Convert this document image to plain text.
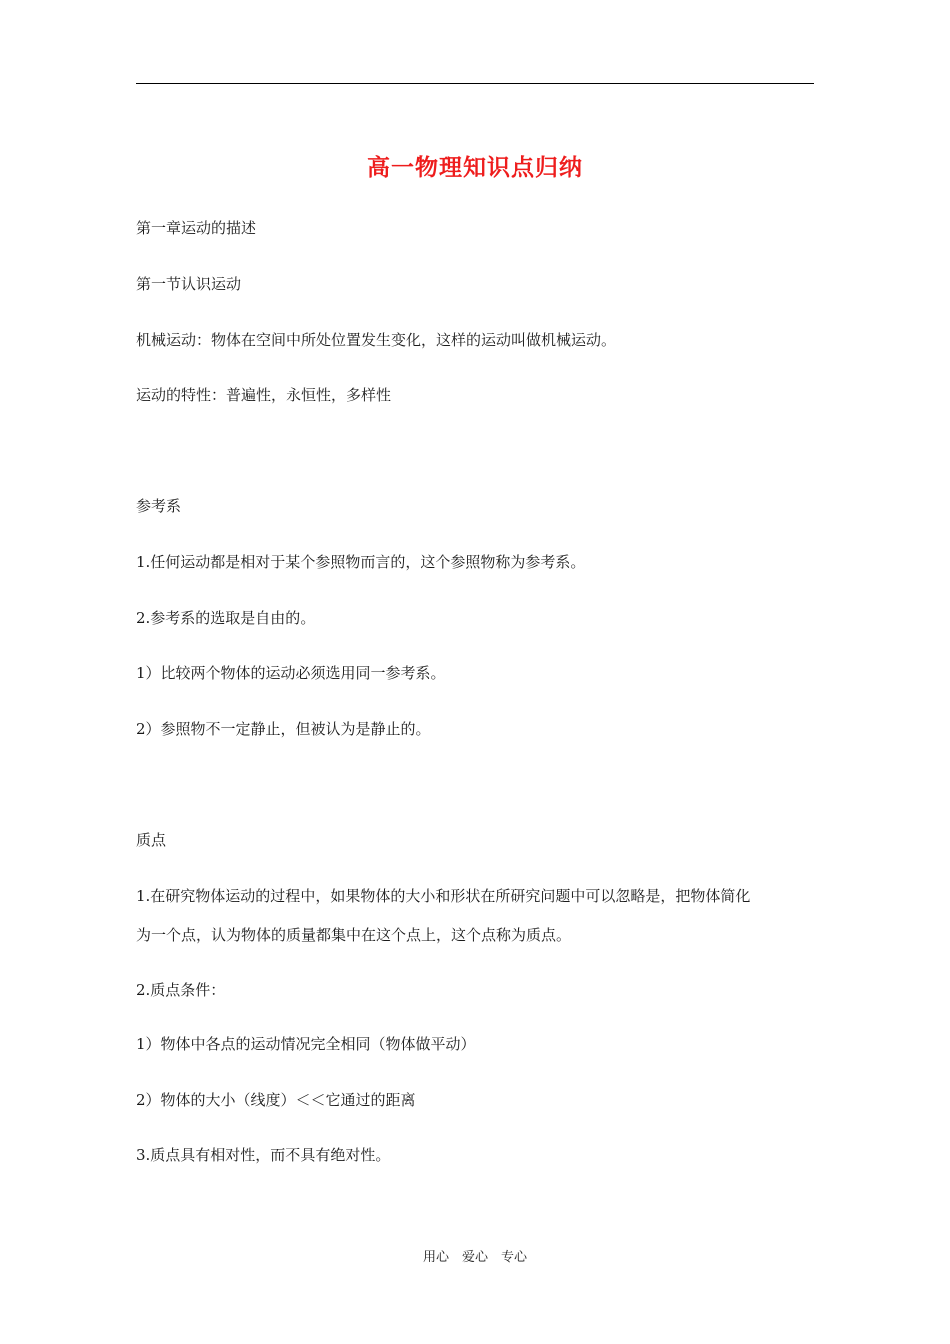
高一物理知识点归纳
第一章运动的描述
第一节认识运动
机械运动：物体在空间中所处位置发生变化，这样的运动叫做机械运动。
运动的特性：普遍性，永恒性，多样性
参考系
1.任何运动都是相对于某个参照物而言的，这个参照物称为参考系。
2.参考系的选取是自由的。
1）比较两个物体的运动必须选用同一参考系。
2）参照物不一定静止，但被认为是静止的。
质点
1.在研究物体运动的过程中，如果物体的大小和形状在所研究问题中可以忽略是，把物体简化
为一个点，认为物体的质量都集中在这个点上，这个点称为质点。
2.质点条件：
1）物体中各点的运动情况完全相同（物体做平动）
2）物体的大小（线度）＜＜它通过的距离
3.质点具有相对性，而不具有绝对性。
用心　爱心　专心
